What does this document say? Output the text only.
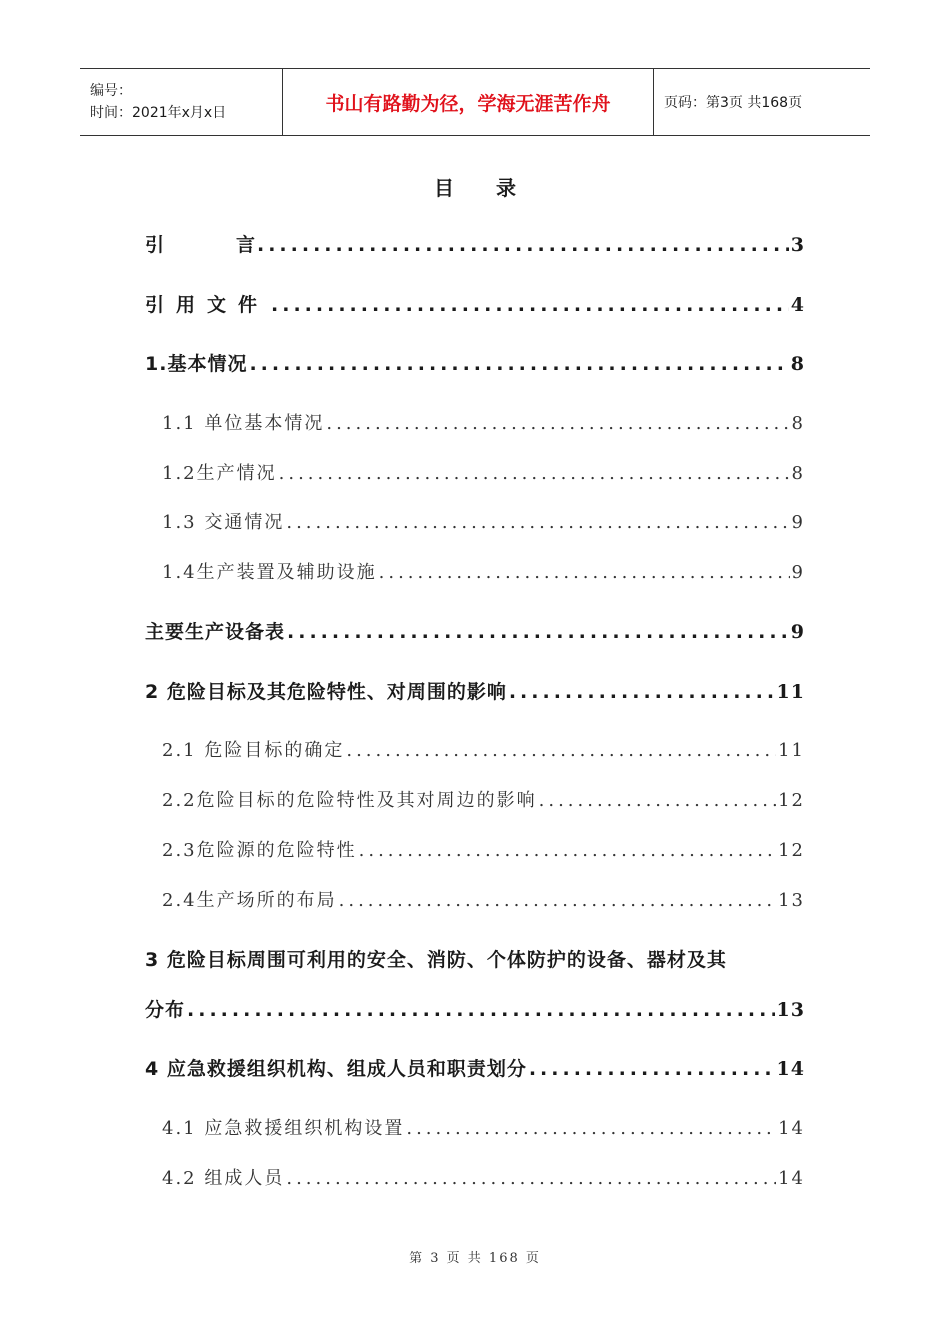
编号：
时间：2021年x月x日	书山有路勤为径，学海无涯苦作舟	页码：第3页 共168页
目录
引	言 .....	3
引用文件 .....	4
1.基本情况 .....	8
1.1 单位基本情况 .....	8
1.2生产情况 .....	8
1.3 交通情况 .....	9
1.4生产装置及辅助设施 .....	9
主要生产设备表 .....	9
2 危险目标及其危险特性、对周围的影响 .....	11
2.1 危险目标的确定 .....	11
2.2危险目标的危险特性及其对周边的影响 .....	12
2.3危险源的危险特性 .....	12
2.4生产场所的布局 .....	13
3 危险目标周围可利用的安全、消防、个体防护的设备、器材及其
分布 .....	13
4 应急救援组织机构、组成人员和职责划分 .....	14
4.1 应急救援组织机构设置 .....	14
4.2 组成人员 .....	14
第 3 页 共 168 页
